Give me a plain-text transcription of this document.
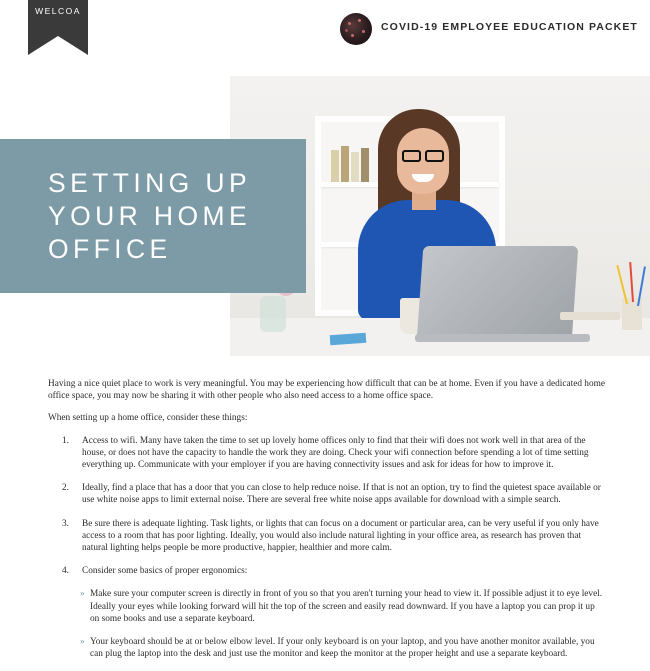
WELCOA
COVID-19 EMPLOYEE EDUCATION PACKET
SETTING UP
YOUR HOME
OFFICE

Having a nice quiet place to work is very meaningful. You may be experiencing how difficult that can be at home. Even if you have a dedicated home office space, you may now be sharing it with other people who also need access to a home office space.

When setting up a home office, consider these things:

1. Access to wifi. Many have taken the time to set up lovely home offices only to find that their wifi does not work well in that area of the house, or does not have the capacity to handle the work they are doing. Check your wifi connection before spending a lot of time setting everything up. Communicate with your employer if you are having connectivity issues and ask for ideas for how to improve it.
2. Ideally, find a place that has a door that you can close to help reduce noise. If that is not an option, try to find the quietest space available or use white noise apps to limit external noise. There are several free white noise apps available for download with a simple search.
3. Be sure there is adequate lighting. Task lights, or lights that can focus on a document or particular area, can be very useful if you only have access to a room that has poor lighting. Ideally, you would also include natural lighting in your office area, as research has proven that natural lighting helps people be more productive, happier, healthier and more calm.
4. Consider some basics of proper ergonomics:
» Make sure your computer screen is directly in front of you so that you aren't turning your head to view it. If possible adjust it to eye level. Ideally your eyes while looking forward will hit the top of the screen and easily read downward. If you have a laptop you can prop it up on some books and use a separate keyboard.
» Your keyboard should be at or below elbow level. If your only keyboard is on your laptop, and you have another monitor available, you can plug the laptop into the desk and just use the monitor and keep the monitor at the proper height and use a separate keyboard.
